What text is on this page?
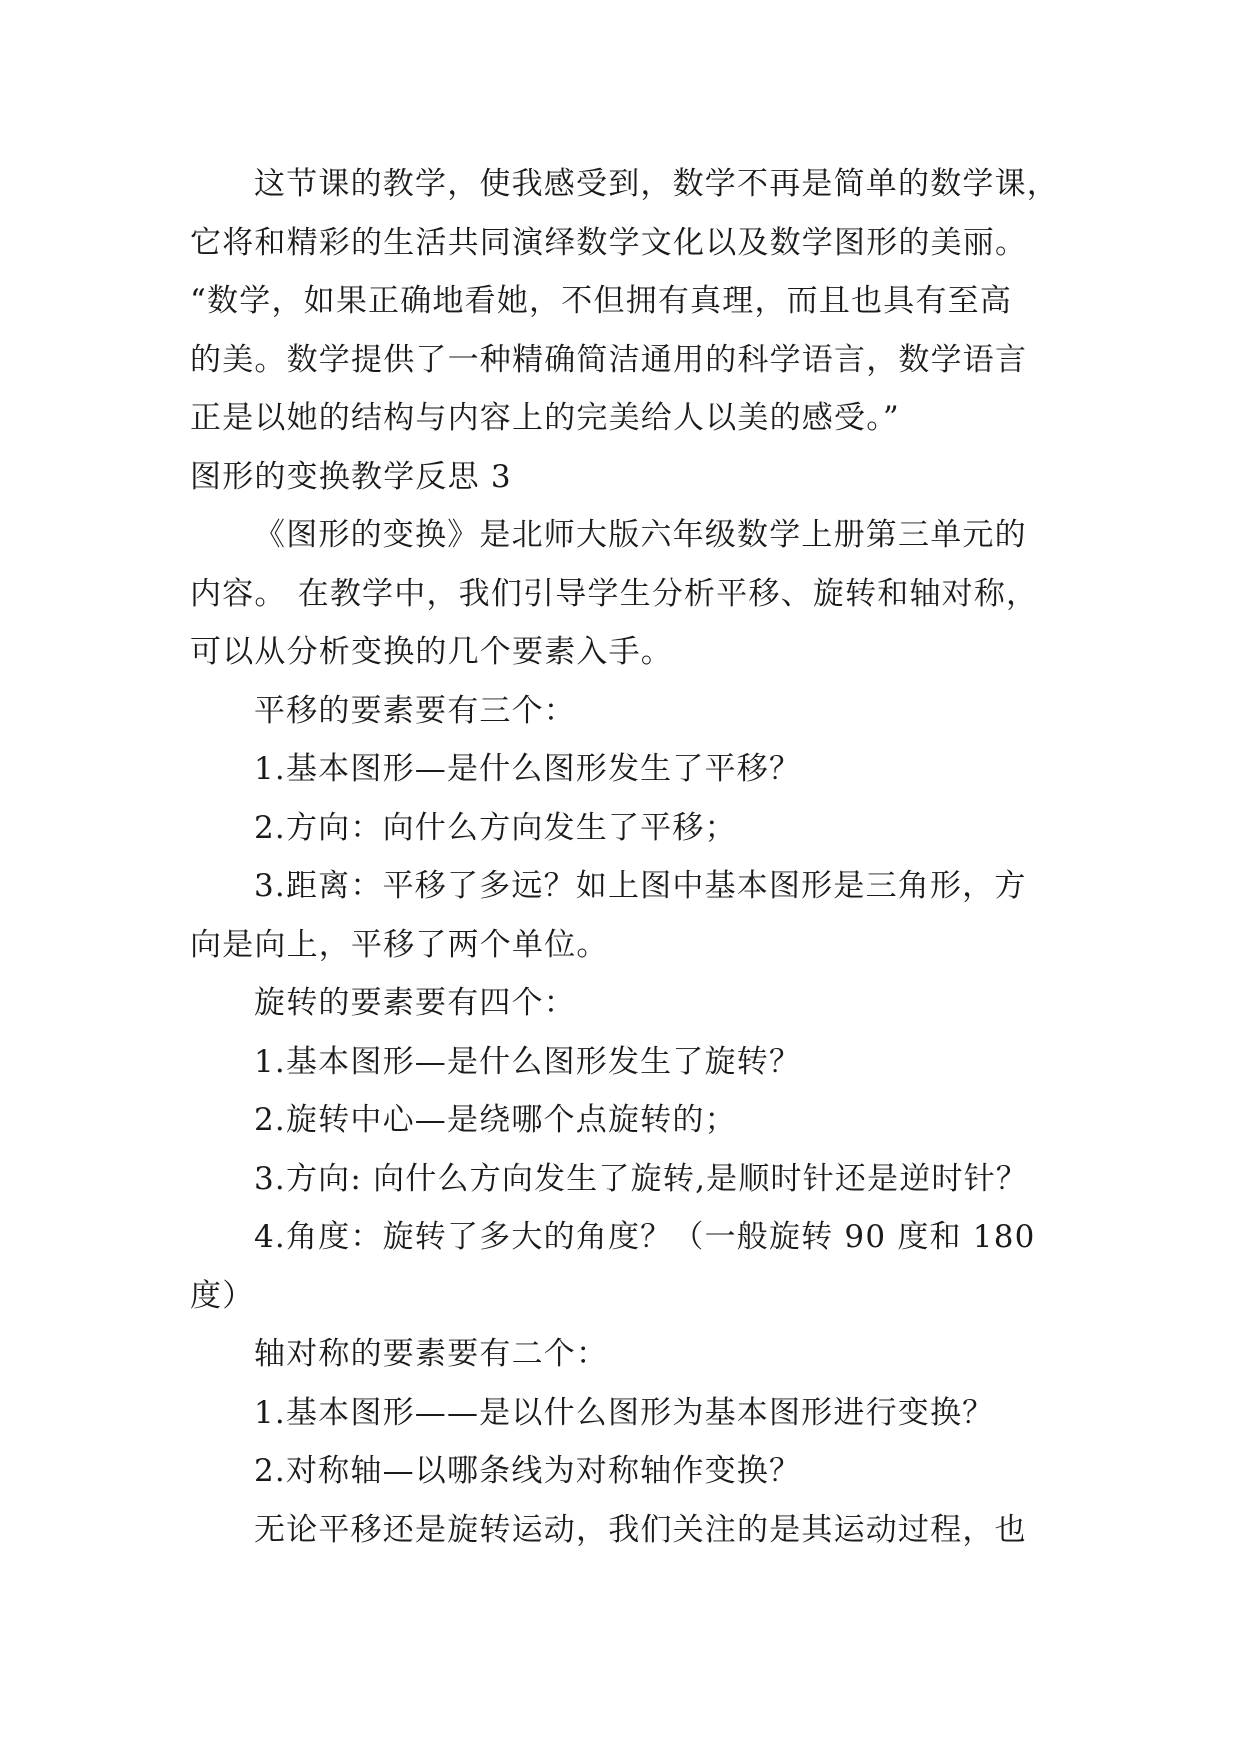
这节课的教学，使我感受到，数学不再是简单的数学课，
它将和精彩的生活共同演绎数学文化以及数学图形的美丽。
“数学，如果正确地看她，不但拥有真理，而且也具有至高
的美。数学提供了一种精确简洁通用的科学语言，数学语言
正是以她的结构与内容上的完美给人以美的感受。”
图形的变换教学反思 3
《图形的变换》是北师大版六年级数学上册第三单元的
内容。 在教学中，我们引导学生分析平移、旋转和轴对称，
可以从分析变换的几个要素入手。
平移的要素要有三个：
1.基本图形—是什么图形发生了平移？
2.方向：向什么方向发生了平移；
3.距离：平移了多远？如上图中基本图形是三角形，方
向是向上，平移了两个单位。
旋转的要素要有四个：
1.基本图形—是什么图形发生了旋转？
2.旋转中心—是绕哪个点旋转的；
3.方向: 向什么方向发生了旋转,是顺时针还是逆时针？
4.角度：旋转了多大的角度？（一般旋转 90 度和 180
度）
轴对称的要素要有二个：
1.基本图形——是以什么图形为基本图形进行变换？
2.对称轴—以哪条线为对称轴作变换？
无论平移还是旋转运动，我们关注的是其运动过程，也
